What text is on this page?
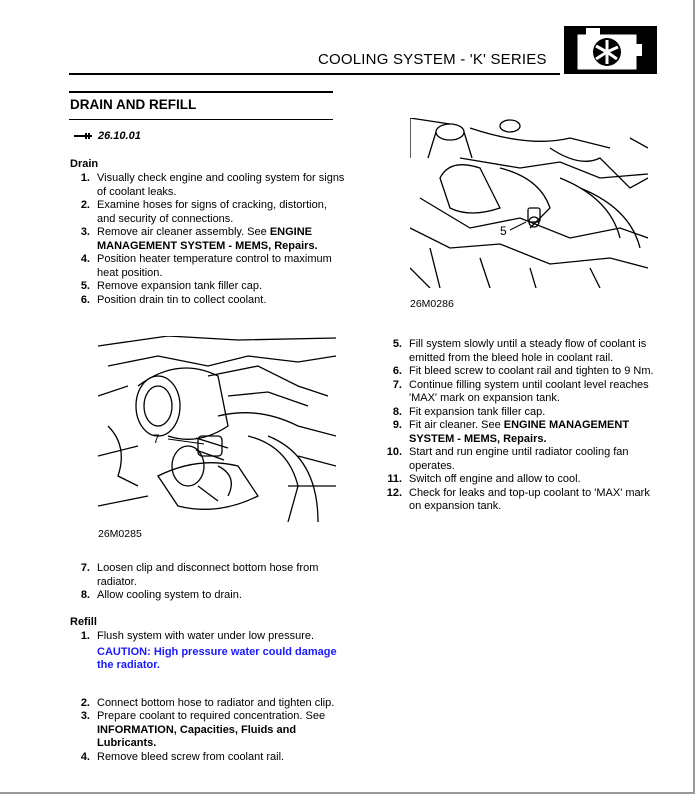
COOLING SYSTEM - 'K' SERIES
DRAIN AND REFILL
26.10.01
Drain
1. Visually check engine and cooling system for signs of coolant leaks.
2. Examine hoses for signs of cracking, distortion, and security of connections.
3. Remove air cleaner assembly. See ENGINE MANAGEMENT SYSTEM - MEMS, Repairs.
4. Position heater temperature control to maximum heat position.
5. Remove expansion tank filler cap.
6. Position drain tin to collect coolant.
7
26M0285
7. Loosen clip and disconnect bottom hose from radiator.
8. Allow cooling system to drain.
Refill
1. Flush system with water under low pressure.
CAUTION: High pressure water could damage the radiator.
2. Connect bottom hose to radiator and tighten clip.
3. Prepare coolant to required concentration. See INFORMATION, Capacities, Fluids and Lubricants.
4. Remove bleed screw from coolant rail.
5
26M0286
5. Fill system slowly until a steady flow of coolant is emitted from the bleed hole in coolant rail.
6. Fit bleed screw to coolant rail and tighten to 9 Nm.
7. Continue filling system until coolant level reaches 'MAX' mark on expansion tank.
8. Fit expansion tank filler cap.
9. Fit air cleaner. See ENGINE MANAGEMENT SYSTEM - MEMS, Repairs.
10. Start and run engine until radiator cooling fan operates.
11. Switch off engine and allow to cool.
12. Check for leaks and top-up coolant to 'MAX' mark on expansion tank.
